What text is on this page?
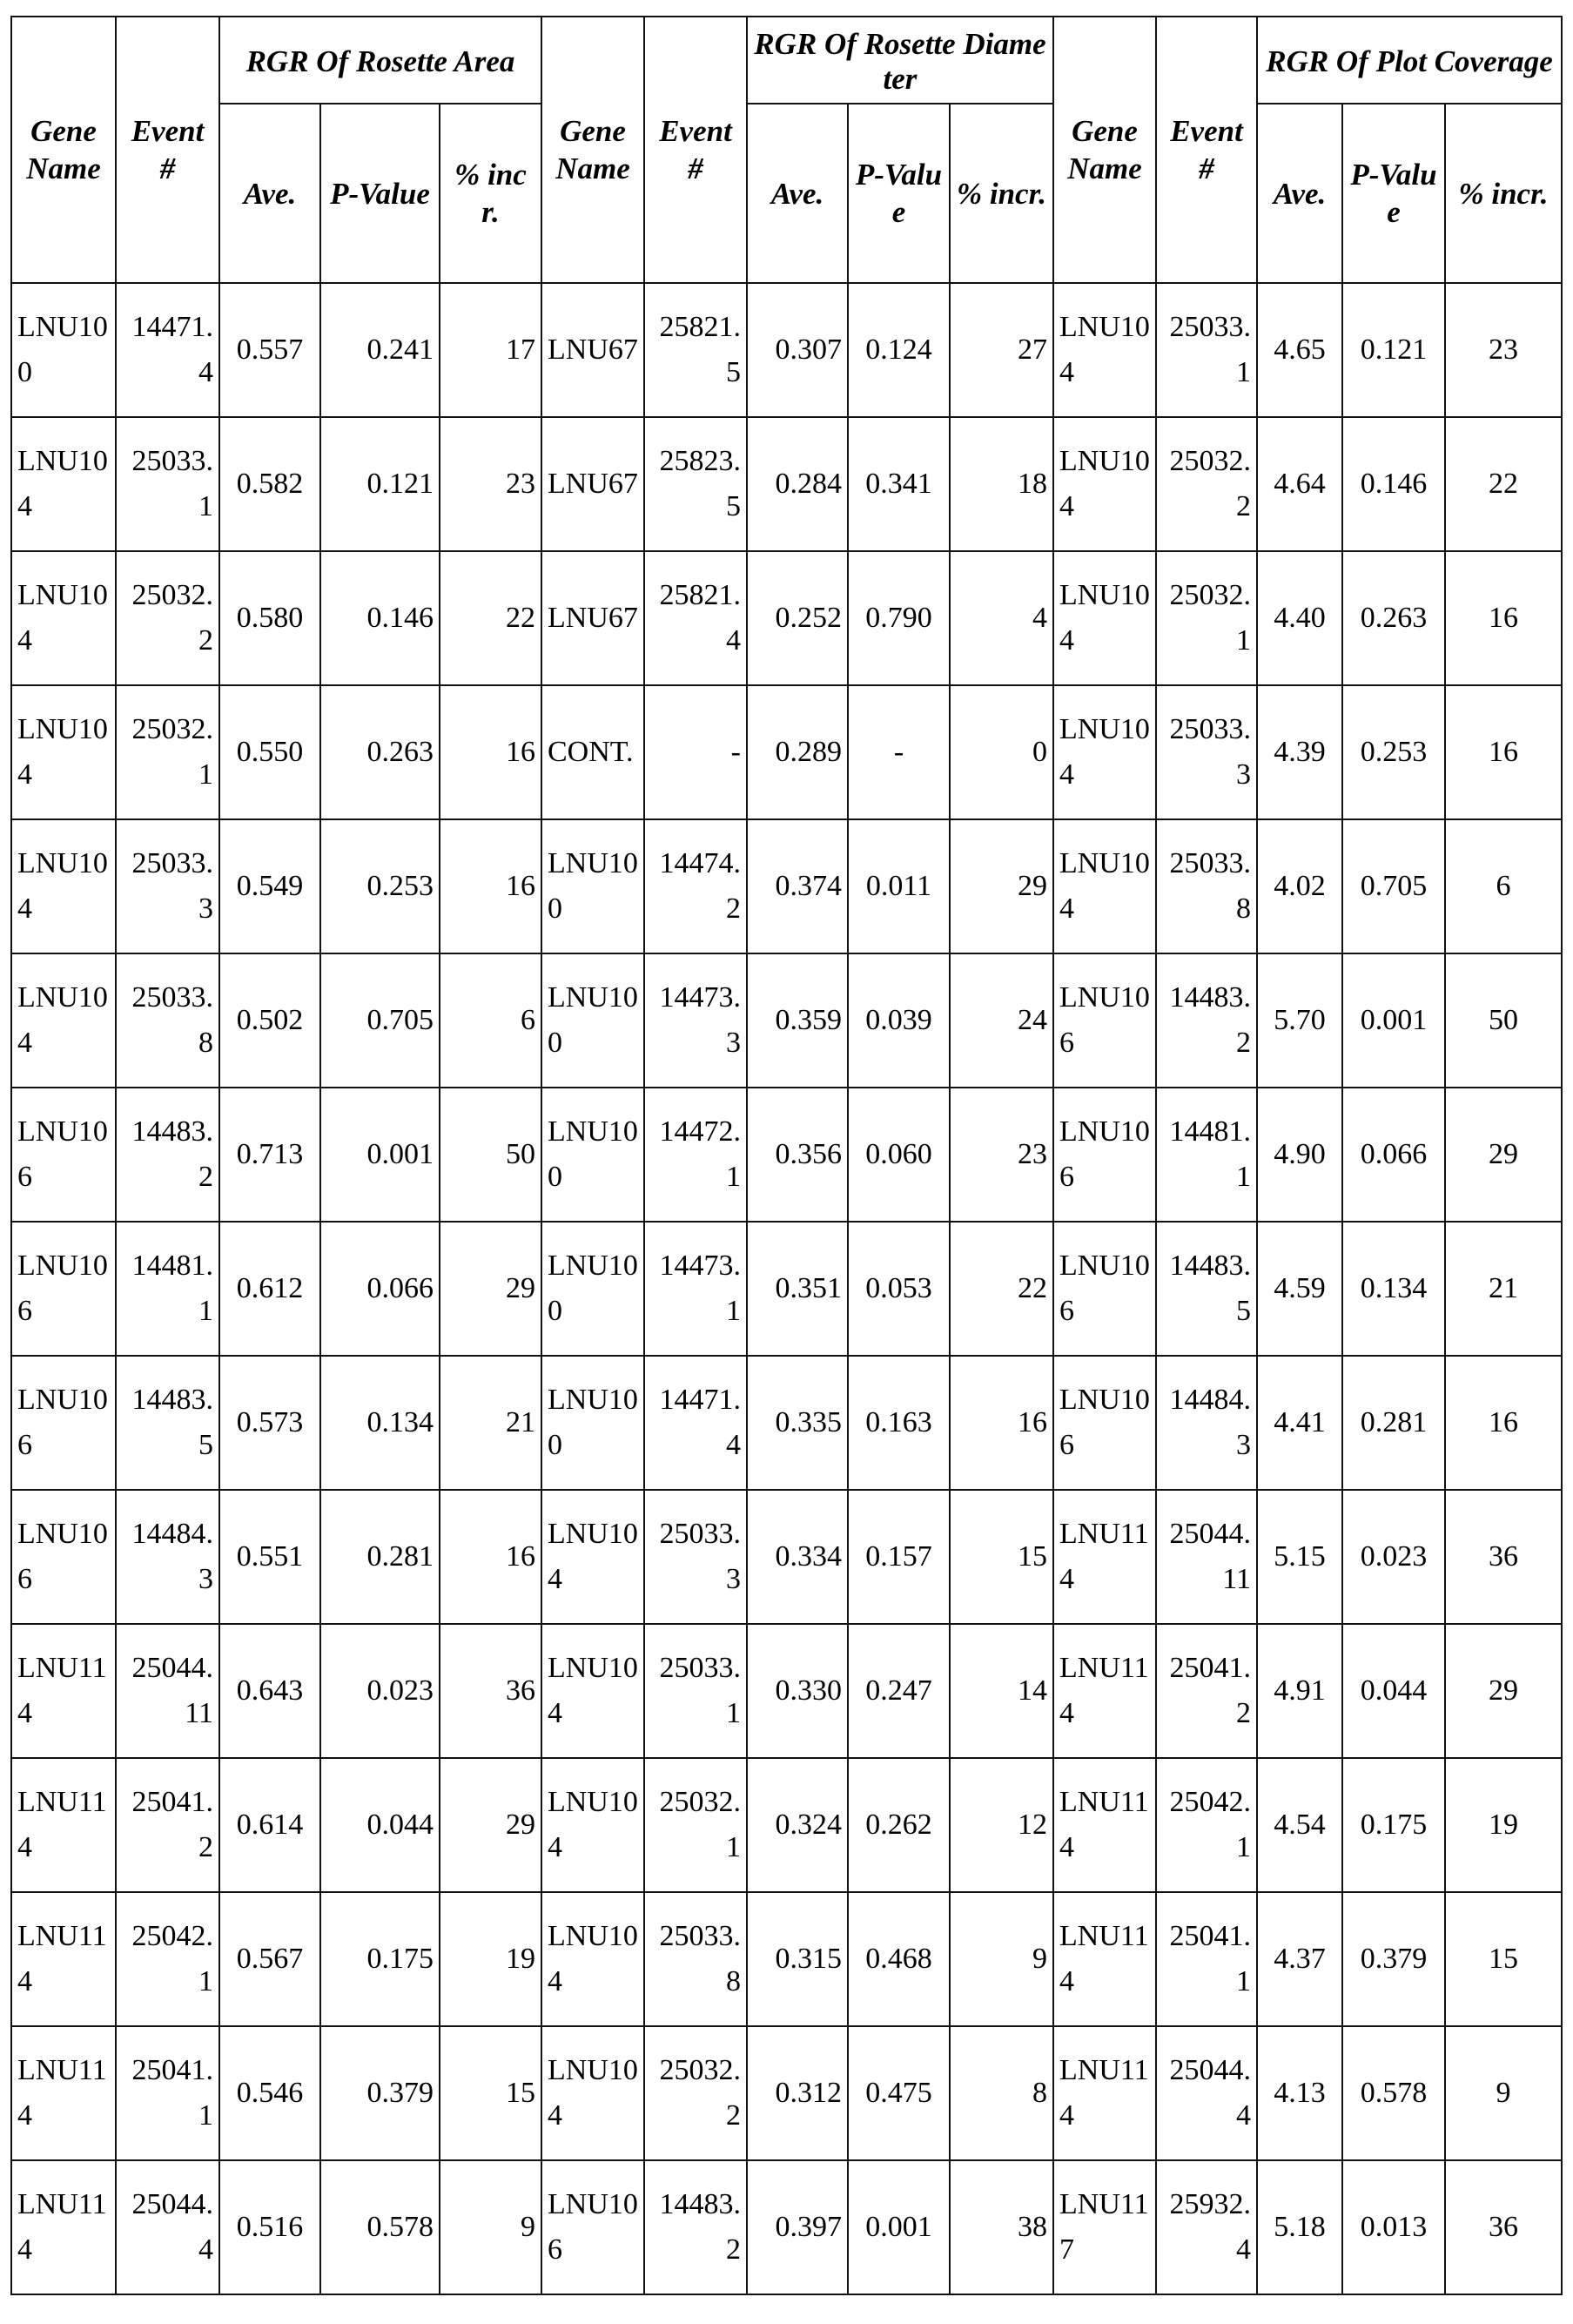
Gene Name	Event #	RGR Of Rosette Area			Gene Name	Event #	RGR Of Rosette Diameter			Gene Name	Event #	RGR Of Plot Coverage		
		Ave.	P-Value	% incr.			Ave.	P-Value	% incr.			Ave.	P-Value	% incr.
LNU100	14471.4	0.557	0.241	17	LNU67	25821.5	0.307	0.124	27	LNU104	25033.1	4.65	0.121	23
LNU104	25033.1	0.582	0.121	23	LNU67	25823.5	0.284	0.341	18	LNU104	25032.2	4.64	0.146	22
LNU104	25032.2	0.580	0.146	22	LNU67	25821.4	0.252	0.790	4	LNU104	25032.1	4.40	0.263	16
LNU104	25032.1	0.550	0.263	16	CONT.	-	0.289	-	0	LNU104	25033.3	4.39	0.253	16
LNU104	25033.3	0.549	0.253	16	LNU100	14474.2	0.374	0.011	29	LNU104	25033.8	4.02	0.705	6
LNU104	25033.8	0.502	0.705	6	LNU100	14473.3	0.359	0.039	24	LNU106	14483.2	5.70	0.001	50
LNU106	14483.2	0.713	0.001	50	LNU100	14472.1	0.356	0.060	23	LNU106	14481.1	4.90	0.066	29
LNU106	14481.1	0.612	0.066	29	LNU100	14473.1	0.351	0.053	22	LNU106	14483.5	4.59	0.134	21
LNU106	14483.5	0.573	0.134	21	LNU100	14471.4	0.335	0.163	16	LNU106	14484.3	4.41	0.281	16
LNU106	14484.3	0.551	0.281	16	LNU104	25033.3	0.334	0.157	15	LNU114	25044.11	5.15	0.023	36
LNU114	25044.11	0.643	0.023	36	LNU104	25033.1	0.330	0.247	14	LNU114	25041.2	4.91	0.044	29
LNU114	25041.2	0.614	0.044	29	LNU104	25032.1	0.324	0.262	12	LNU114	25042.1	4.54	0.175	19
LNU114	25042.1	0.567	0.175	19	LNU104	25033.8	0.315	0.468	9	LNU114	25041.1	4.37	0.379	15
LNU114	25041.1	0.546	0.379	15	LNU104	25032.2	0.312	0.475	8	LNU114	25044.4	4.13	0.578	9
LNU114	25044.4	0.516	0.578	9	LNU106	14483.2	0.397	0.001	38	LNU117	25932.4	5.18	0.013	36
